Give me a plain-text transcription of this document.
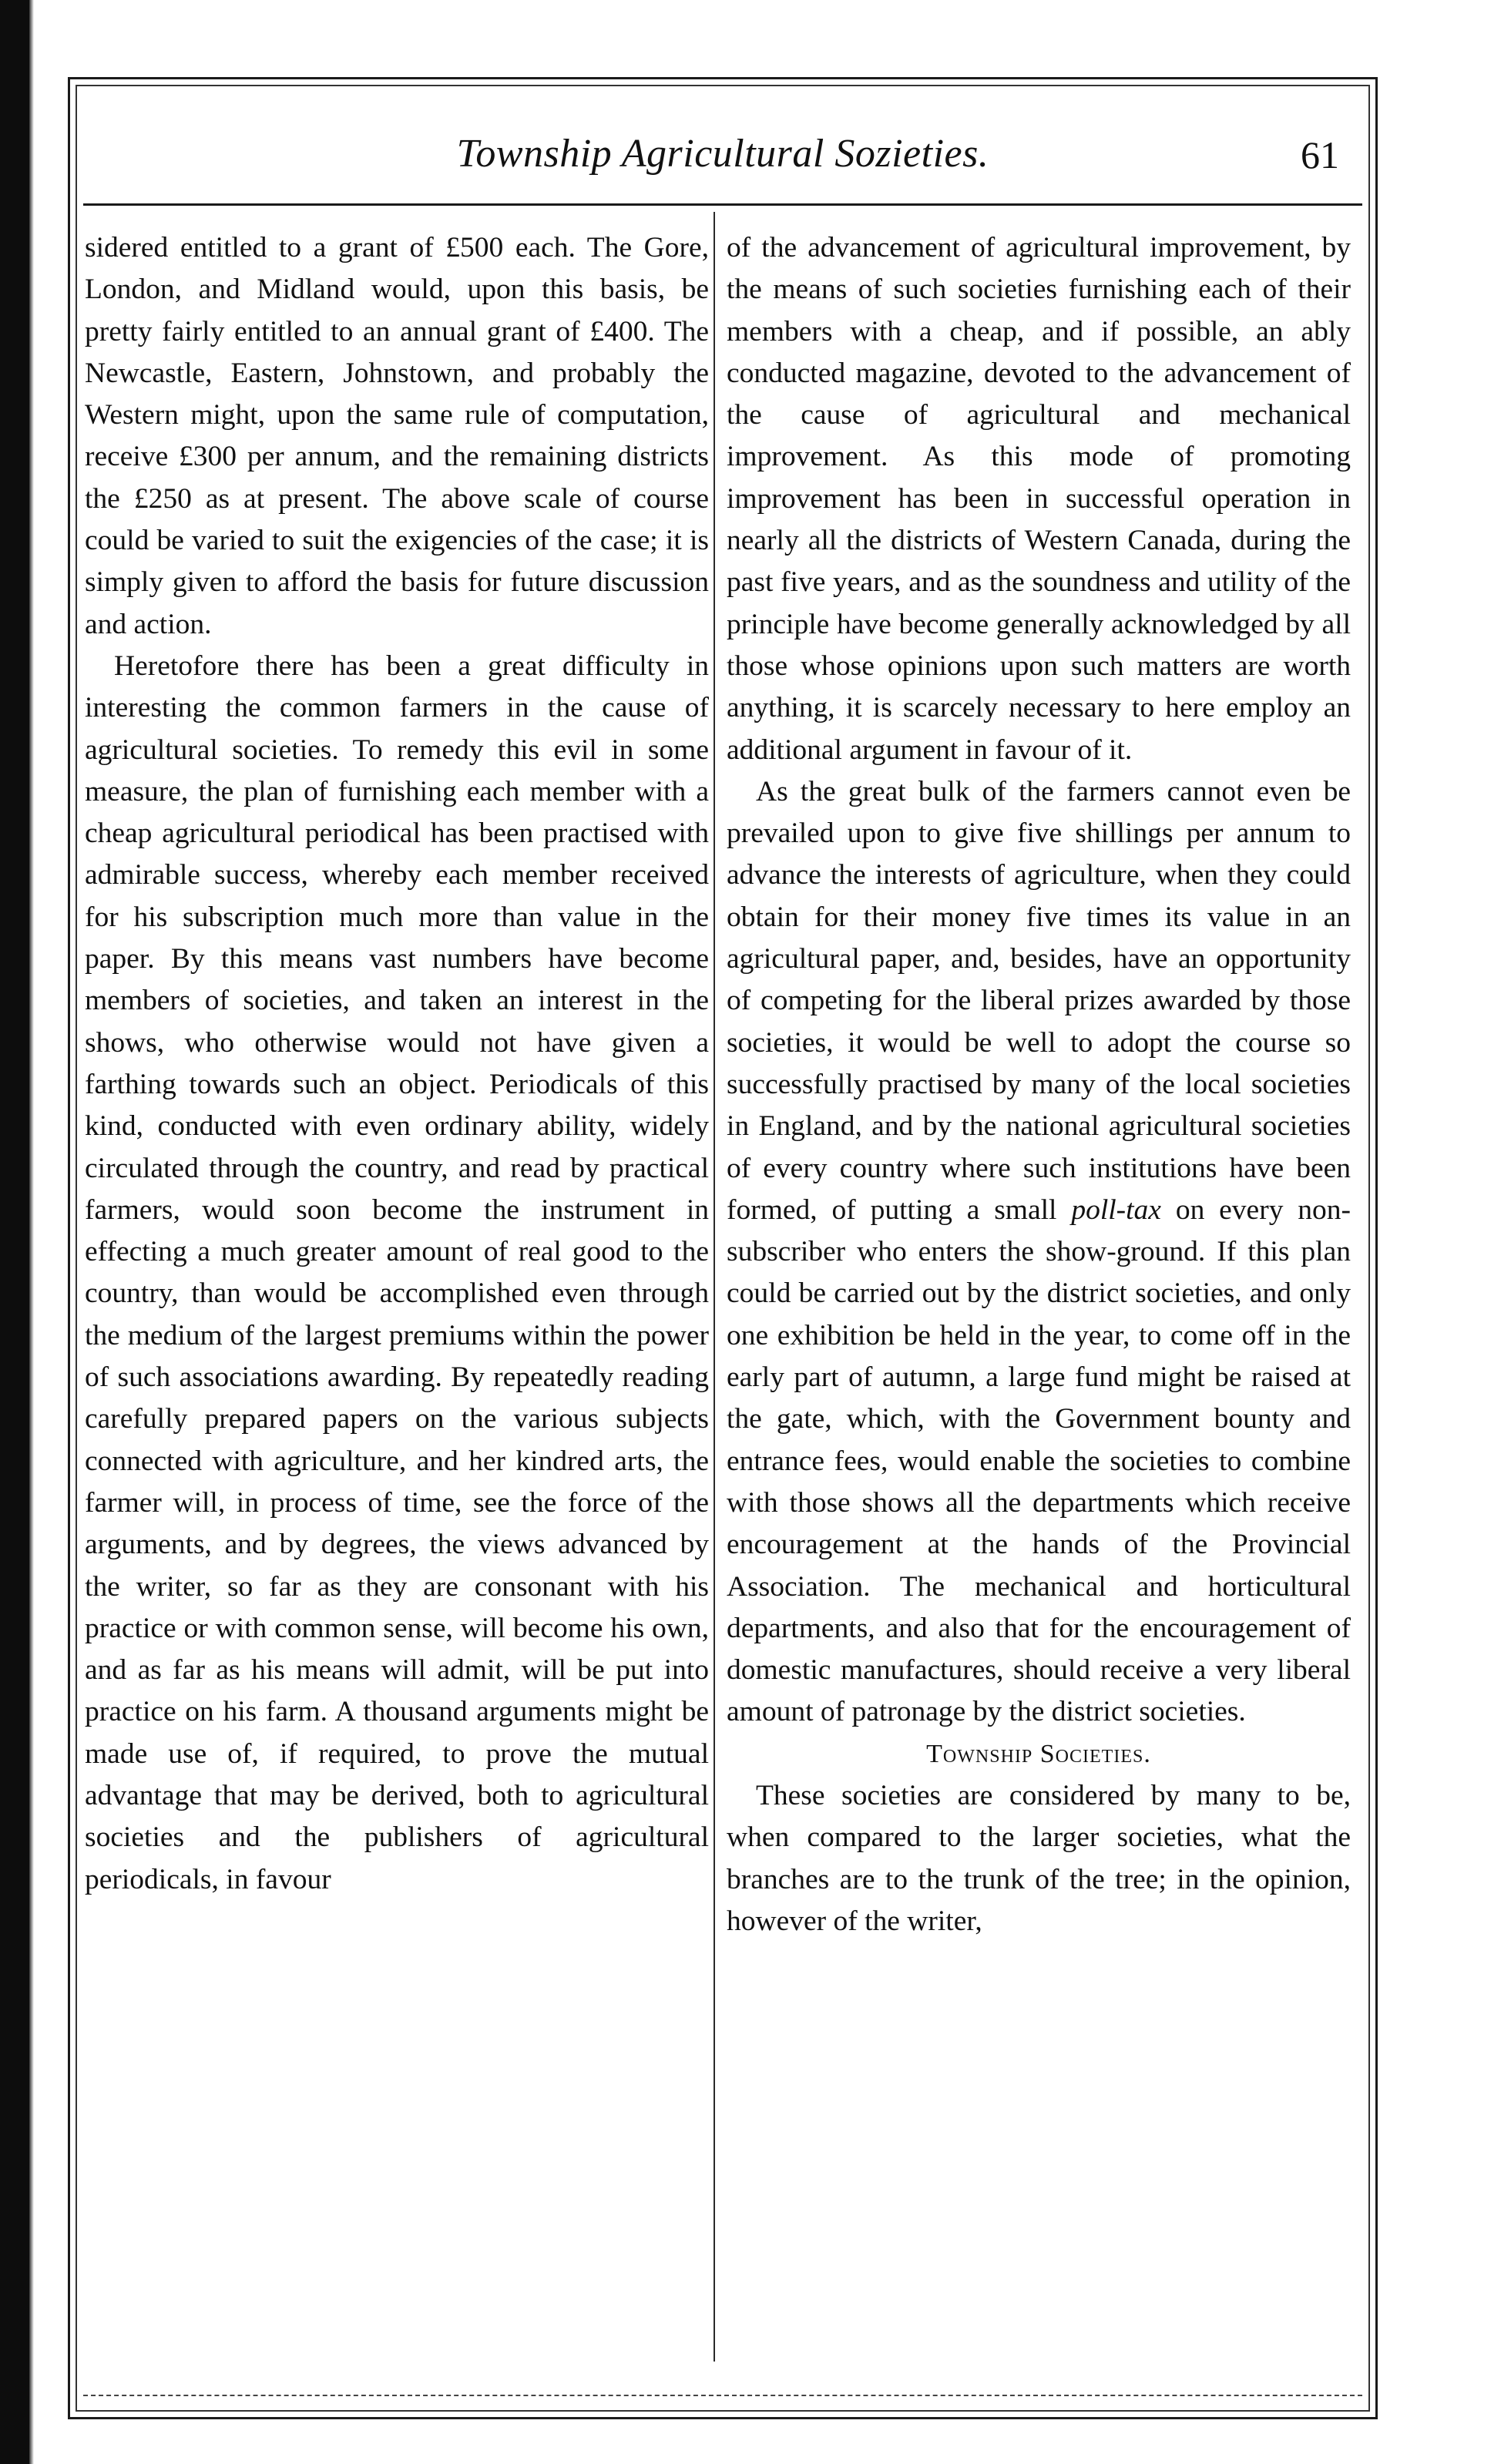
Township Agricultural Sozieties.	61

sidered entitled to a grant of £500 each. The Gore, London, and Midland would, upon this basis, be pretty fairly entitled to an annual grant of £400. The Newcastle, Eastern, Johnstown, and probably the Western might, upon the same rule of computation, receive £300 per annum, and the remaining districts the £250 as at present. The above scale of course could be varied to suit the exigencies of the case; it is simply given to afford the basis for future discussion and action.

Heretofore there has been a great difficulty in interesting the common farmers in the cause of agricultural societies. To remedy this evil in some measure, the plan of furnishing each member with a cheap agricultural periodical has been practised with admirable success, whereby each member received for his subscription much more than value in the paper. By this means vast numbers have become members of societies, and taken an interest in the shows, who otherwise would not have given a farthing towards such an object. Periodicals of this kind, conducted with even ordinary ability, widely circulated through the country, and read by practical farmers, would soon become the instrument in effecting a much greater amount of real good to the country, than would be accomplished even through the medium of the largest premiums within the power of such associations awarding. By repeatedly reading carefully prepared papers on the various subjects connected with agriculture, and her kindred arts, the farmer will, in process of time, see the force of the arguments, and by degrees, the views advanced by the writer, so far as they are consonant with his practice or with common sense, will become his own, and as far as his means will admit, will be put into practice on his farm. A thousand arguments might be made use of, if required, to prove the mutual advantage that may be derived, both to agricultural societies and the publishers of agricultural periodicals, in favour

of the advancement of agricultural improvement, by the means of such societies furnishing each of their members with a cheap, and if possible, an ably conducted magazine, devoted to the advancement of the cause of agricultural and mechanical improvement. As this mode of promoting improvement has been in successful operation in nearly all the districts of Western Canada, during the past five years, and as the soundness and utility of the principle have become generally acknowledged by all those whose opinions upon such matters are worth anything, it is scarcely necessary to here employ an additional argument in favour of it.

As the great bulk of the farmers cannot even be prevailed upon to give five shillings per annum to advance the interests of agriculture, when they could obtain for their money five times its value in an agricultural paper, and, besides, have an opportunity of competing for the liberal prizes awarded by those societies, it would be well to adopt the course so successfully practised by many of the local societies in England, and by the national agricultural societies of every country where such institutions have been formed, of putting a small poll-tax on every non-subscriber who enters the show-ground. If this plan could be carried out by the district societies, and only one exhibition be held in the year, to come off in the early part of autumn, a large fund might be raised at the gate, which, with the Government bounty and entrance fees, would enable the societies to combine with those shows all the departments which receive encouragement at the hands of the Provincial Association. The mechanical and horticultural departments, and also that for the encouragement of domestic manufactures, should receive a very liberal amount of patronage by the district societies.

Township Societies.

These societies are considered by many to be, when compared to the larger societies, what the branches are to the trunk of the tree; in the opinion, however of the writer,
